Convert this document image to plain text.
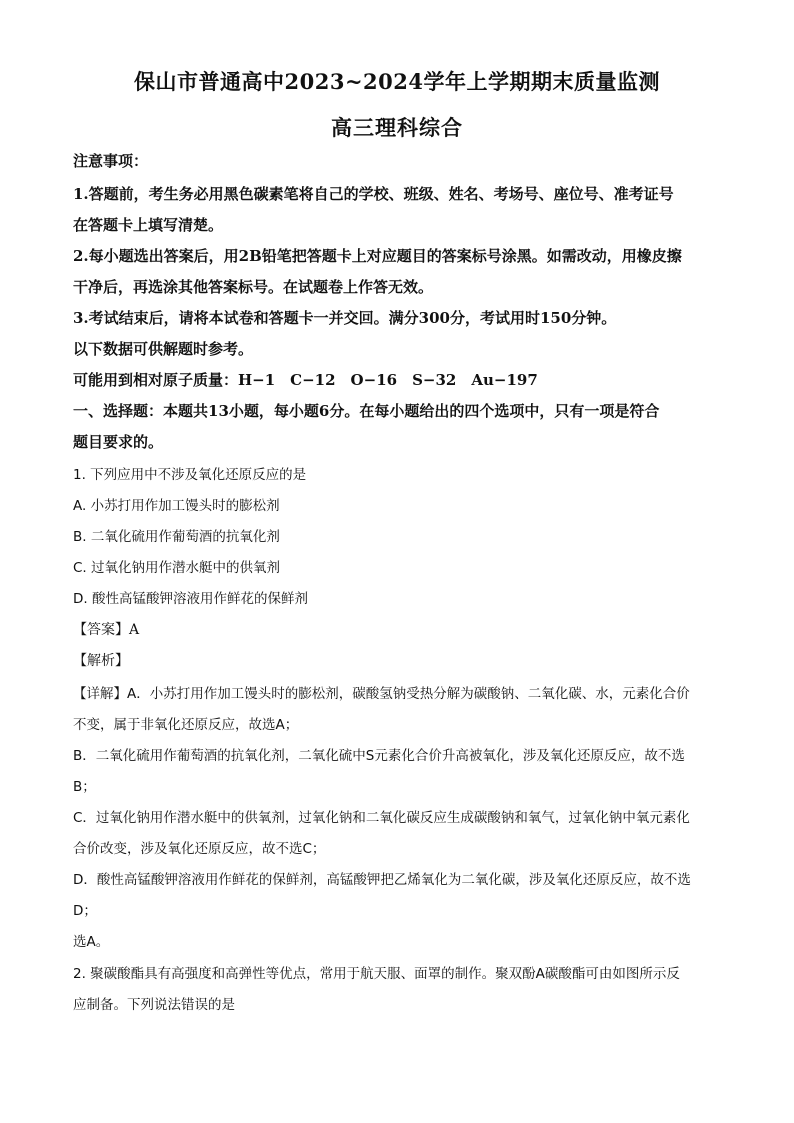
保山市普通高中2023~2024学年上学期期末质量监测
高三理科综合
注意事项：
1.答题前，考生务必用黑色碳素笔将自己的学校、班级、姓名、考场号、座位号、准考证号
在答题卡上填写清楚。
2.每小题选出答案后，用2B铅笔把答题卡上对应题目的答案标号涂黑。如需改动，用橡皮擦
干净后，再选涂其他答案标号。在试题卷上作答无效。
3.考试结束后，请将本试卷和答题卡一并交回。满分300分，考试用时150分钟。
以下数据可供解题时参考。
可能用到相对原子质量：H−1　C−12　O−16　S−32　Au−197
一、选择题：本题共13小题，每小题6分。在每小题给出的四个选项中，只有一项是符合
题目要求的。
1. 下列应用中不涉及氧化还原反应的是
A. 小苏打用作加工馒头时的膨松剂
B. 二氧化硫用作葡萄酒的抗氧化剂
C. 过氧化钠用作潜水艇中的供氧剂
D. 酸性高锰酸钾溶液用作鲜花的保鲜剂
【答案】A
【解析】
【详解】A．小苏打用作加工馒头时的膨松剂，碳酸氢钠受热分解为碳酸钠、二氧化碳、水，元素化合价
不变，属于非氧化还原反应，故选A；
B．二氧化硫用作葡萄酒的抗氧化剂，二氧化硫中S元素化合价升高被氧化，涉及氧化还原反应，故不选
B；
C．过氧化钠用作潜水艇中的供氧剂，过氧化钠和二氧化碳反应生成碳酸钠和氧气，过氧化钠中氧元素化
合价改变，涉及氧化还原反应，故不选C；
D．酸性高锰酸钾溶液用作鲜花的保鲜剂，高锰酸钾把乙烯氧化为二氧化碳，涉及氧化还原反应，故不选
D；
选A。
2. 聚碳酸酯具有高强度和高弹性等优点，常用于航天服、面罩的制作。聚双酚A碳酸酯可由如图所示反
应制备。下列说法错误的是
